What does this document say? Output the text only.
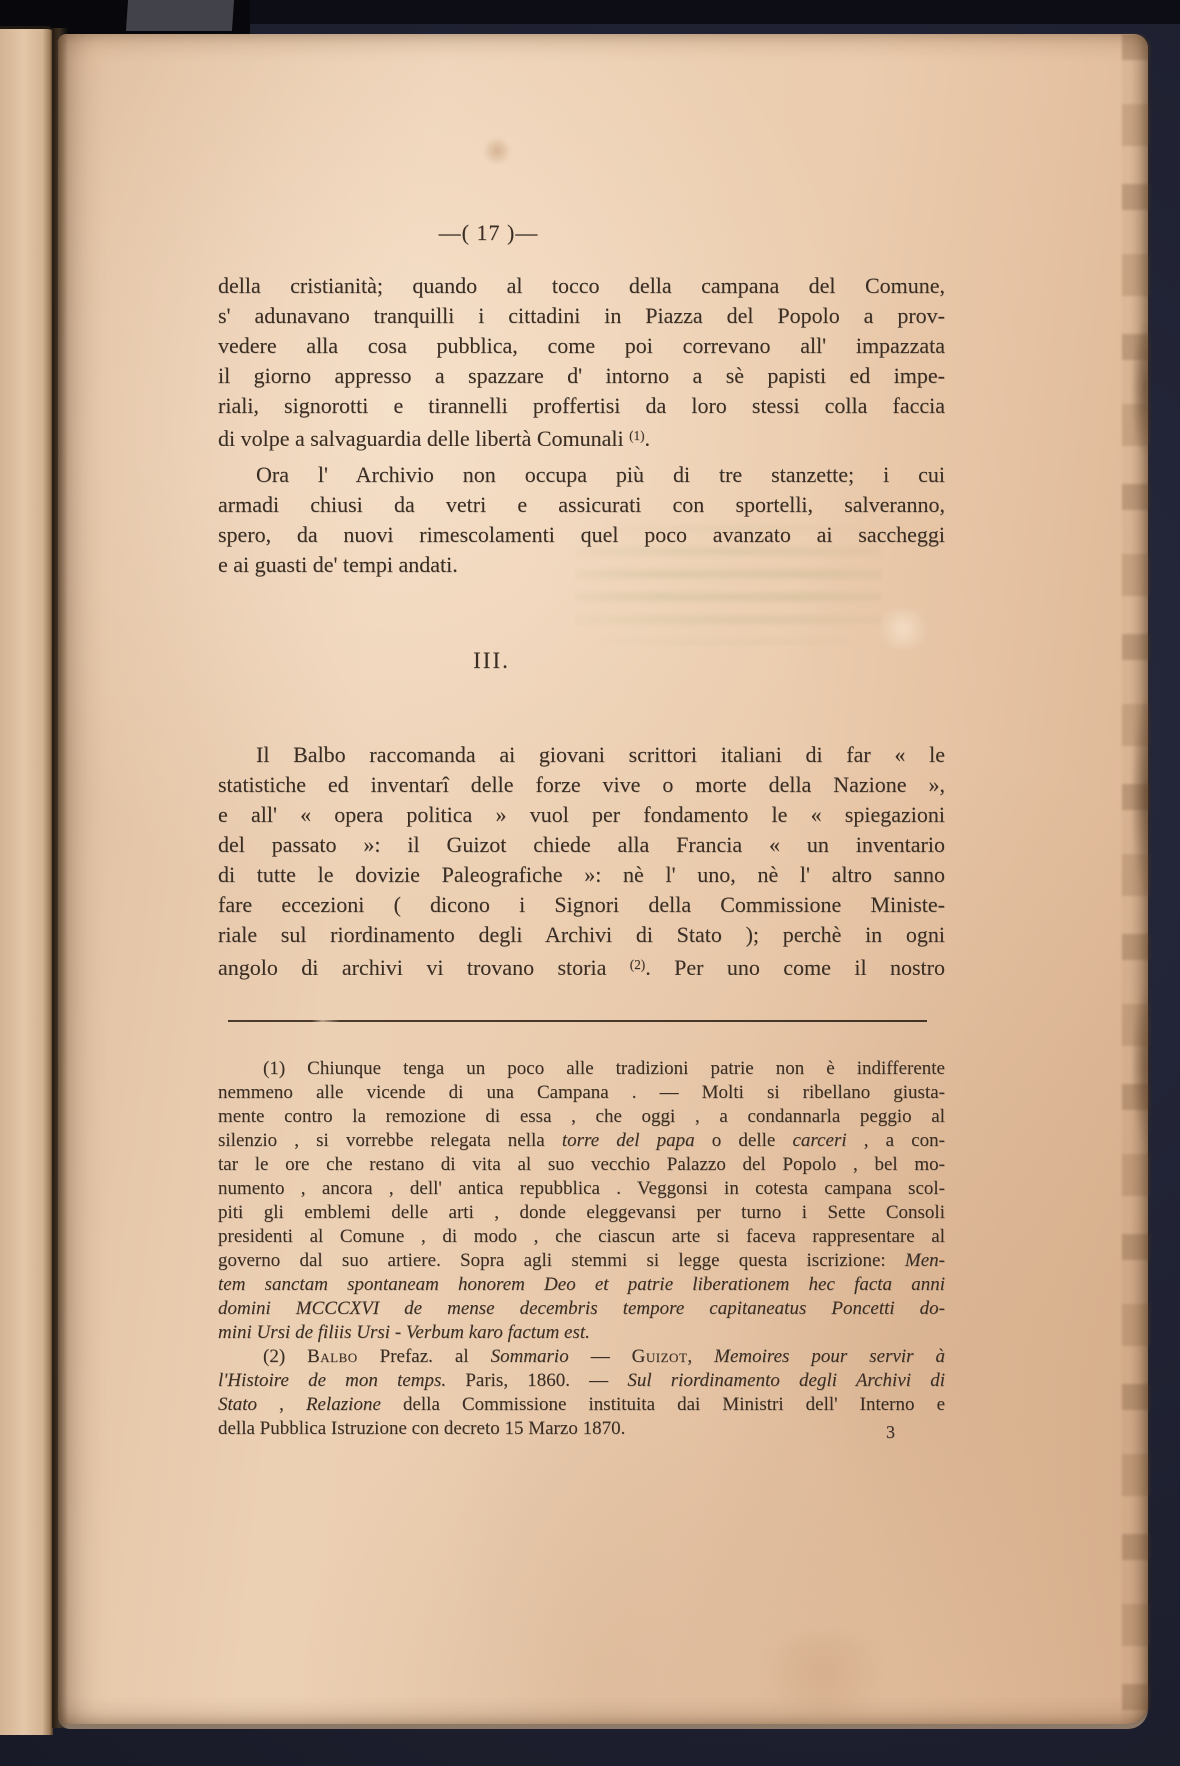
—( 17 )—
della cristianità; quando al tocco della campana del Comune,
s' adunavano tranquilli i cittadini in Piazza del Popolo a prov-
vedere alla cosa pubblica, come poi correvano all' impazzata
il giorno appresso a spazzare d' intorno a sè papisti ed impe-
riali, signorotti e tirannelli proffertisi da loro stessi colla faccia
di volpe a salvaguardia delle libertà Comunali $^{(1)}$.
Ora l' Archivio non occupa più di tre stanzette; i cui
armadi chiusi da vetri e assicurati con sportelli, salveranno,
spero, da nuovi rimescolamenti quel poco avanzato ai saccheggi
e ai guasti de' tempi andati.
III.
Il Balbo raccomanda ai giovani scrittori italiani di far « le
statistiche ed inventarî delle forze vive o morte della Nazione »,
e all' « opera politica » vuol per fondamento le « spiegazioni
del passato »: il Guizot chiede alla Francia « un inventario
di tutte le dovizie Paleografiche »: nè l' uno, nè l' altro sanno
fare eccezioni ( dicono i Signori della Commissione Ministe-
riale sul riordinamento degli Archivi di Stato ); perchè in ogni
angolo di archivi vi trovano storia $^{(2)}$. Per uno come il nostro
(1) Chiunque tenga un poco alle tradizioni patrie non è indifferente
nemmeno alle vicende di una Campana . — Molti si ribellano giusta-
mente contro la remozione di essa , che oggi , a condannarla peggio al
silenzio , si vorrebbe relegata nella torre del papa o delle carceri , a con-
tar le ore che restano di vita al suo vecchio Palazzo del Popolo , bel mo-
numento , ancora , dell' antica repubblica . Veggonsi in cotesta campana scol-
piti gli emblemi delle arti , donde eleggevansi per turno i Sette Consoli
presidenti al Comune , di modo , che ciascun arte si faceva rappresentare al
governo dal suo artiere. Sopra agli stemmi si legge questa iscrizione: Men-
tem sanctam spontaneam honorem Deo et patrie liberationem hec facta anni
domini MCCCXVI de mense decembris tempore capitaneatus Poncetti do-
mini Ursi de filiis Ursi - Verbum karo factum est.
(2) Balbo Prefaz. al Sommario — Guizot, Memoires pour servir à
l'Histoire de mon temps. Paris, 1860. — Sul riordinamento degli Archivi di
Stato , Relazione della Commissione instituita dai Ministri dell' Interno e
della Pubblica Istruzione con decreto 15 Marzo 1870.	3
